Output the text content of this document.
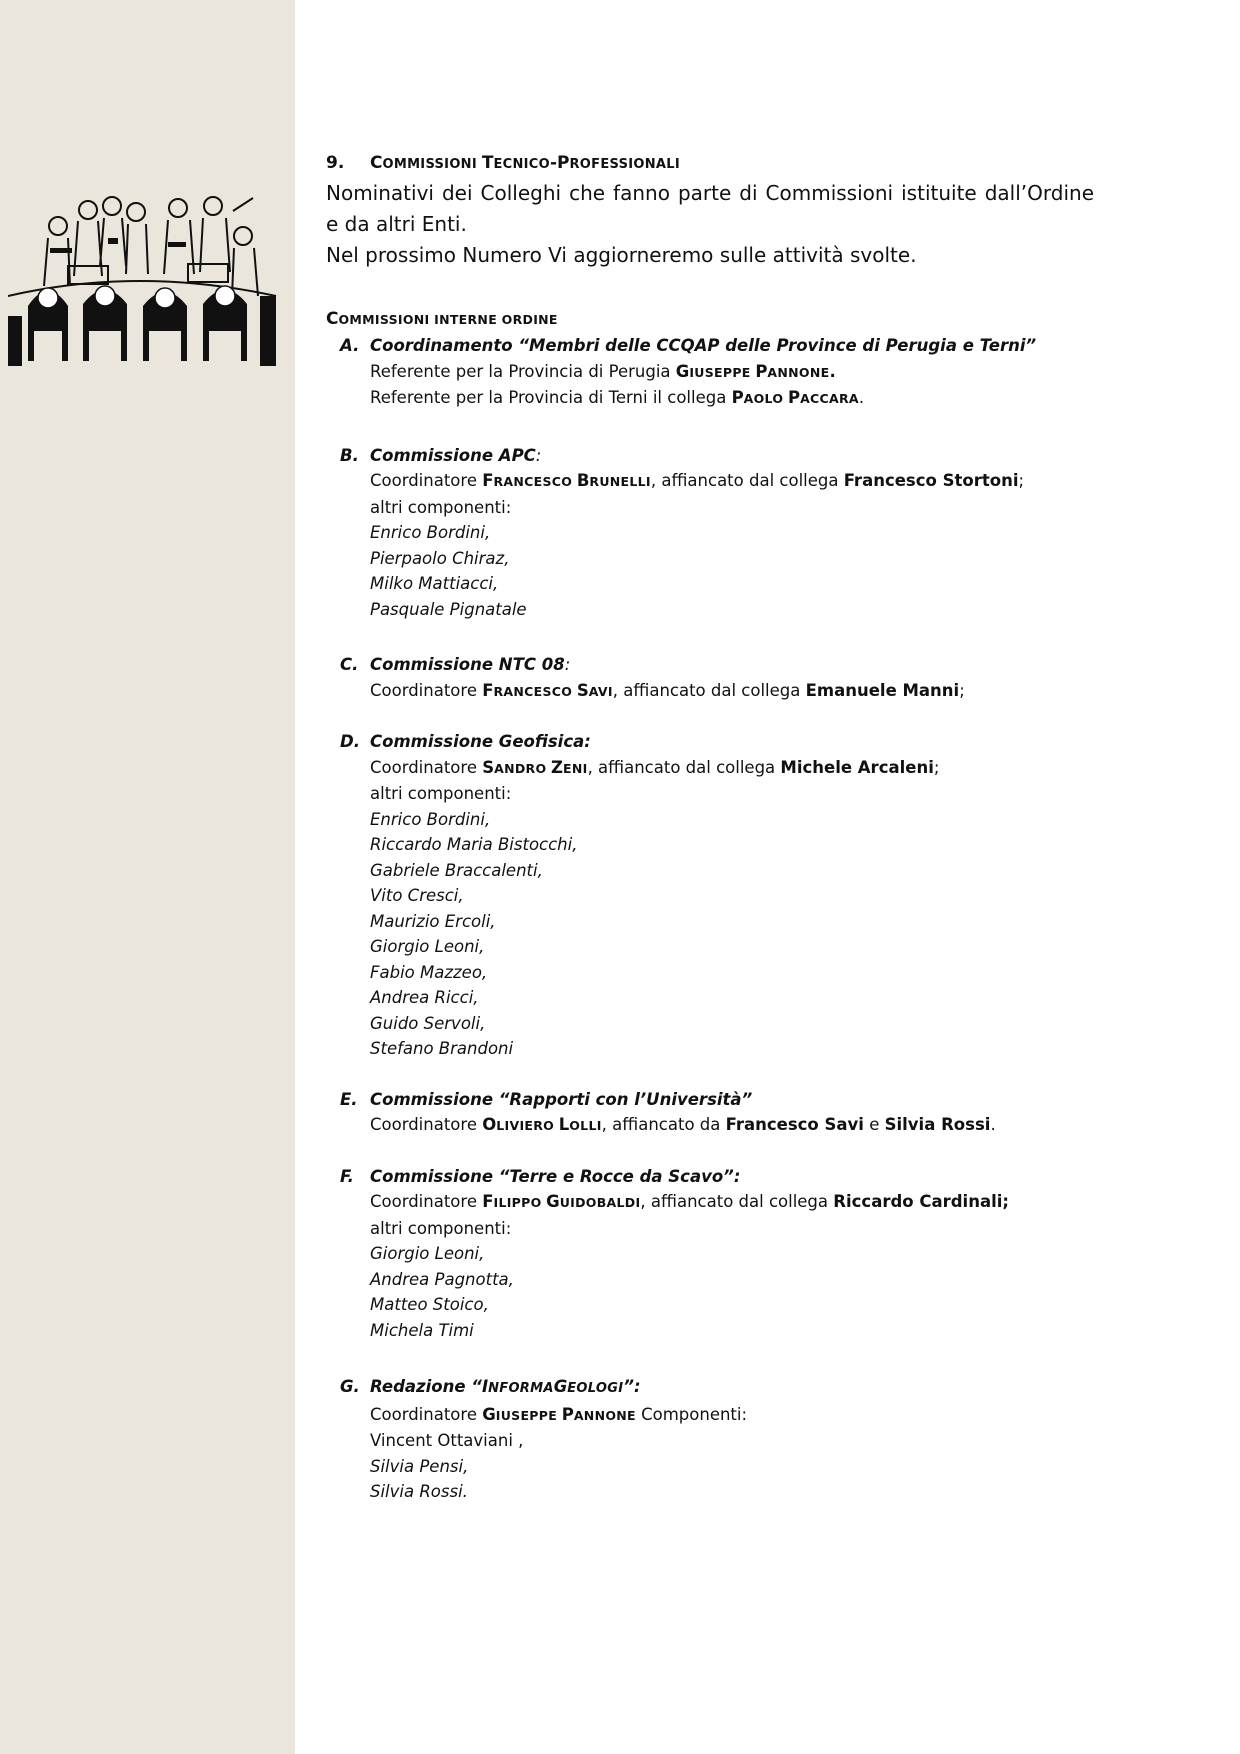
9. COMMISSIONI TECNICO-PROFESSIONALI

Nominativi dei Colleghi che fanno parte di Commissioni istituite dall’Ordine e da altri Enti.

Nel prossimo Numero Vi aggiorneremo sulle attività svolte.

COMMISSIONI INTERNE ORDINE

A. Coordinamento “Membri delle CCQAP delle Province di Perugia e Terni”

Referente per la Provincia di Perugia GIUSEPPE PANNONE.

Referente per la Provincia di Terni il collega PAOLO PACCARA.

B. Commissione APC:

Coordinatore FRANCESCO BRUNELLI, affiancato dal collega Francesco Stortoni;

altri componenti:

Enrico Bordini,

Pierpaolo Chiraz,

Milko Mattiacci,

Pasquale Pignatale

C. Commissione NTC 08:

Coordinatore FRANCESCO SAVI, affiancato dal collega Emanuele Manni;

D. Commissione Geofisica:

Coordinatore SANDRO ZENI, affiancato dal collega Michele Arcaleni;

altri componenti:

Enrico Bordini,

Riccardo Maria Bistocchi,

Gabriele Braccalenti,

Vito Cresci,

Maurizio Ercoli,

Giorgio Leoni,

Fabio Mazzeo,

Andrea Ricci,

Guido Servoli,

Stefano Brandoni

E. Commissione “Rapporti con l’Università”

Coordinatore OLIVIERO LOLLI, affiancato da Francesco Savi e Silvia Rossi.

F. Commissione “Terre e Rocce da Scavo”:

Coordinatore FILIPPO GUIDOBALDI, affiancato dal collega Riccardo Cardinali;

altri componenti:

Giorgio Leoni,

Andrea Pagnotta,

Matteo Stoico,

Michela Timi

G. Redazione “INFORMAGEOLOGI”:

Coordinatore GIUSEPPE PANNONE Componenti:

Vincent Ottaviani ,

Silvia Pensi,

Silvia Rossi.
